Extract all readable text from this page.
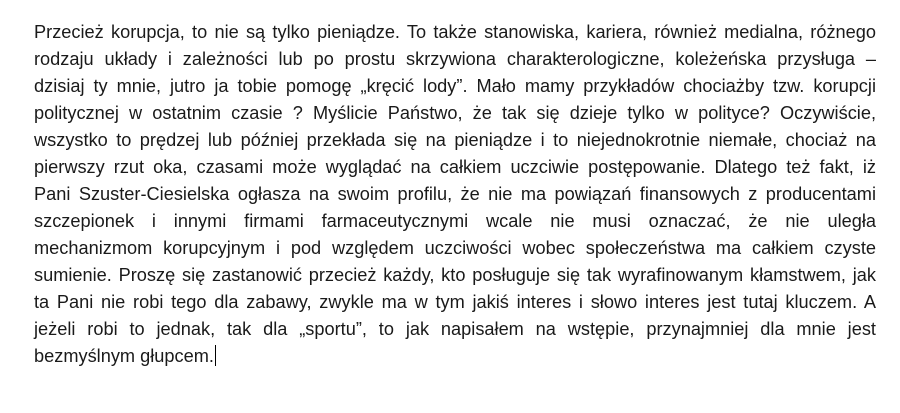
Przecież korupcja, to nie są tylko pieniądze. To także stanowiska, kariera, również medialna, różnego
rodzaju układy i zależności lub po prostu skrzywiona charakterologiczne, koleżeńska przysługa –
dzisiaj ty mnie, jutro ja tobie pomogę „kręcić lody”. Mało mamy przykładów chociażby tzw. korupcji
politycznej w ostatnim czasie ? Myślicie Państwo, że tak się dzieje tylko w polityce? Oczywiście,
wszystko to prędzej lub później przekłada się na pieniądze i to niejednokrotnie niemałe, chociaż na
pierwszy rzut oka, czasami może wyglądać na całkiem uczciwie postępowanie. Dlatego też fakt, iż
Pani Szuster-Ciesielska ogłasza na swoim profilu, że nie ma powiązań finansowych z producentami
szczepionek i innymi firmami farmaceutycznymi wcale nie musi oznaczać, że nie uległa
mechanizmom korupcyjnym i pod względem uczciwości wobec społeczeństwa ma całkiem czyste
sumienie. Proszę się zastanowić przecież każdy, kto posługuje się tak wyrafinowanym kłamstwem, jak
ta Pani nie robi tego dla zabawy, zwykle ma w tym jakiś interes i słowo interes jest tutaj kluczem. A
jeżeli robi to jednak, tak dla „sportu”, to jak napisałem na wstępie, przynajmniej dla mnie jest
bezmyślnym głupcem.
